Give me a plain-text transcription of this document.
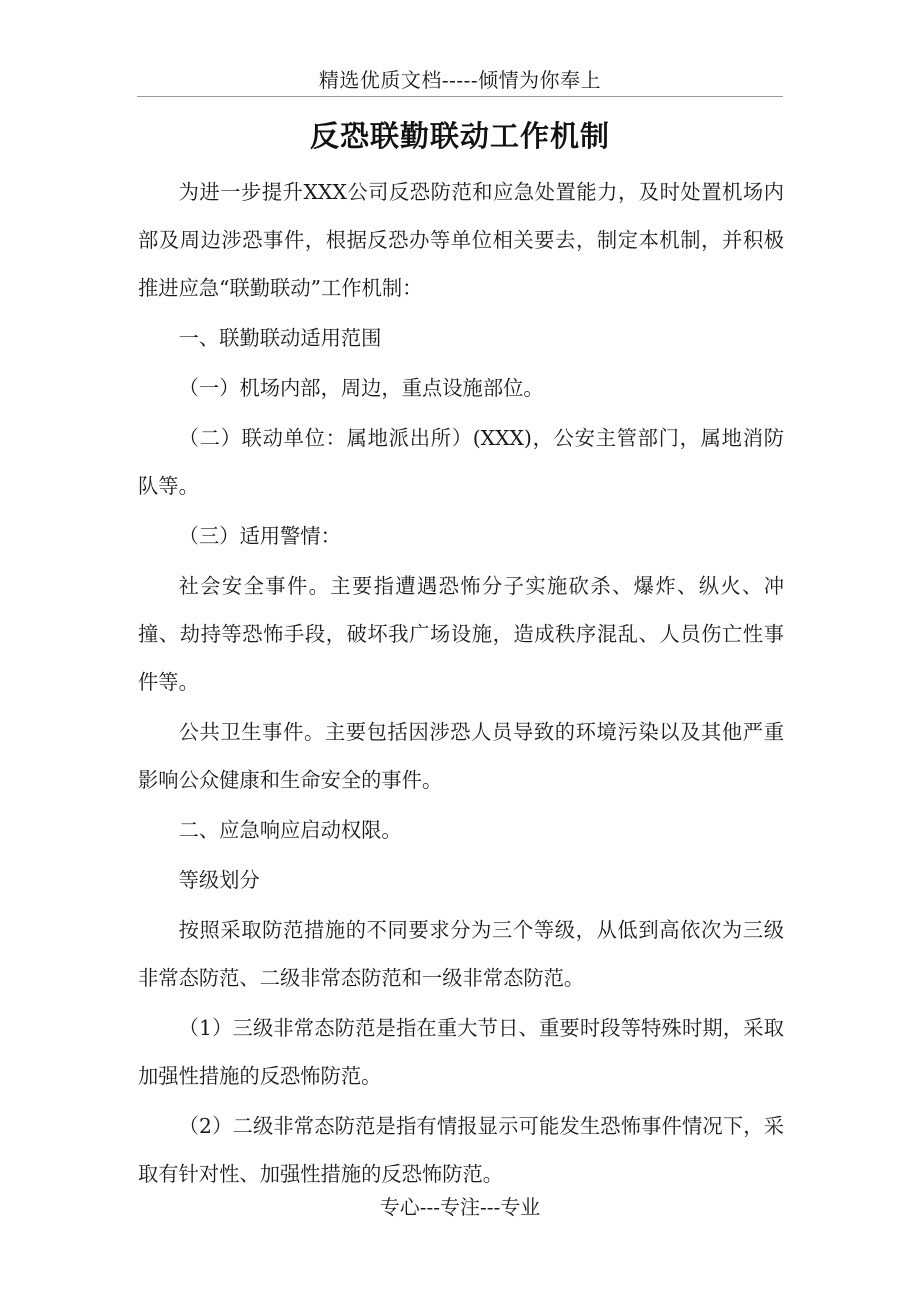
精选优质文档-----倾情为你奉上
反恐联勤联动工作机制

为进一步提升XXX公司反恐防范和应急处置能力，及时处置机场内部及周边涉恐事件，根据反恐办等单位相关要去，制定本机制，并积极推进应急“联勤联动”工作机制：

一、联勤联动适用范围

（一）机场内部，周边，重点设施部位。

（二）联动单位：属地派出所）(XXX)，公安主管部门，属地消防队等。

（三）适用警情：

社会安全事件。主要指遭遇恐怖分子实施砍杀、爆炸、纵火、冲撞、劫持等恐怖手段，破坏我广场设施，造成秩序混乱、人员伤亡性事件等。

公共卫生事件。主要包括因涉恐人员导致的环境污染以及其他严重影响公众健康和生命安全的事件。

二、应急响应启动权限。

等级划分

按照采取防范措施的不同要求分为三个等级，从低到高依次为三级非常态防范、二级非常态防范和一级非常态防范。

（1）三级非常态防范是指在重大节日、重要时段等特殊时期，采取加强性措施的反恐怖防范。

（2）二级非常态防范是指有情报显示可能发生恐怖事件情况下，采取有针对性、加强性措施的反恐怖防范。

专心---专注---专业
